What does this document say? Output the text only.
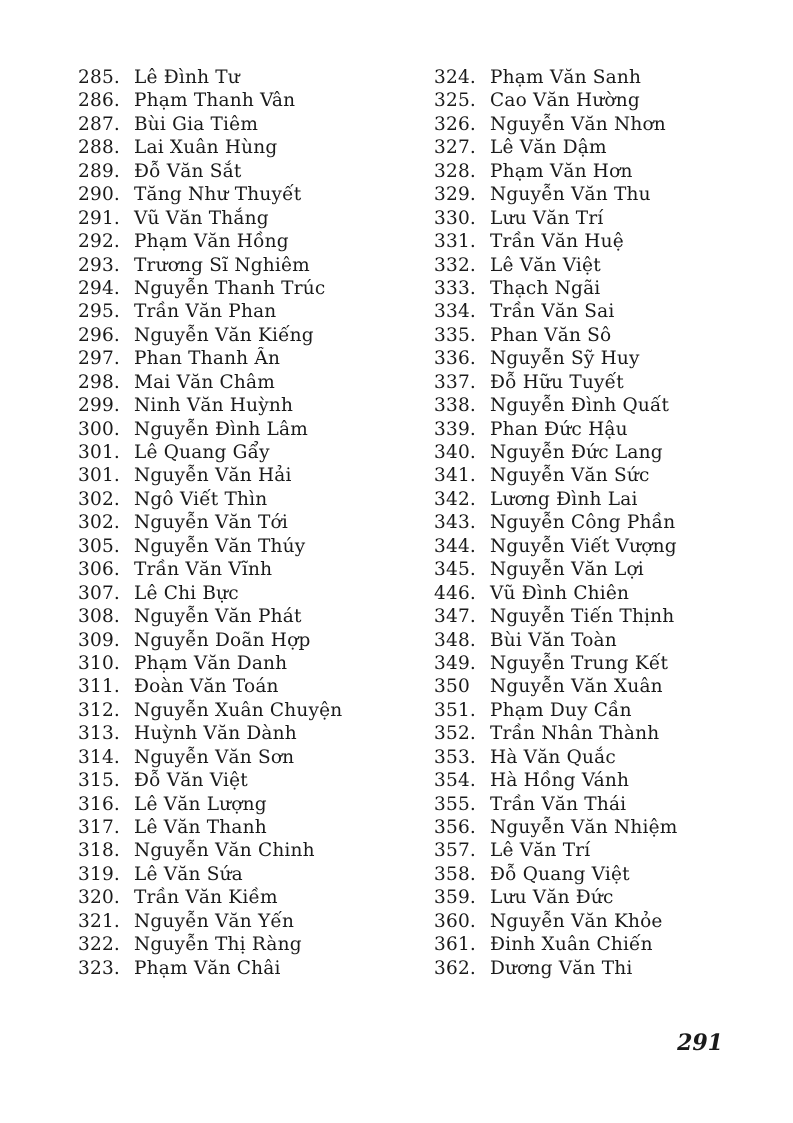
285. Lê Đình Tư
286. Phạm Thanh Vân
287. Bùi Gia Tiêm
288. Lai Xuân Hùng
289. Đỗ Văn Sắt
290. Tăng Như Thuyết
291. Vũ Văn Thắng
292. Phạm Văn Hồng
293. Trương Sĩ Nghiêm
294. Nguyễn Thanh Trúc
295. Trần Văn Phan
296. Nguyễn Văn Kiếng
297. Phan Thanh Ấn
298. Mai Văn Châm
299. Ninh Văn Huỳnh
300. Nguyễn Đình Lâm
301. Lê Quang Gẩy
301. Nguyễn Văn Hải
302. Ngô Viết Thìn
302. Nguyễn Văn Tới
305. Nguyễn Văn Thúy
306. Trần Văn Vĩnh
307. Lê Chi Bực
308. Nguyễn Văn Phát
309. Nguyễn Doãn Hợp
310. Phạm Văn Danh
311. Đoàn Văn Toán
312. Nguyễn Xuân Chuyện
313. Huỳnh Văn Dành
314. Nguyễn Văn Sơn
315. Đỗ Văn Việt
316. Lê Văn Lượng
317. Lê Văn Thanh
318. Nguyễn Văn Chinh
319. Lê Văn Sứa
320. Trần Văn Kiềm
321. Nguyễn Văn Yến
322. Nguyễn Thị Ràng
323. Phạm Văn Châi
324. Phạm Văn Sanh
325. Cao Văn Hường
326. Nguyễn Văn Nhơn
327. Lê Văn Dậm
328. Phạm Văn Hơn
329. Nguyễn Văn Thu
330. Lưu Văn Trí
331. Trần Văn Huệ
332. Lê Văn Việt
333. Thạch Ngãi
334. Trần Văn Sai
335. Phan Văn Sô
336. Nguyễn Sỹ Huy
337. Đỗ Hữu Tuyết
338. Nguyễn Đình Quất
339. Phan Đức Hậu
340. Nguyễn Đức Lang
341. Nguyễn Văn Sức
342. Lương Đình Lai
343. Nguyễn Công Phần
344. Nguyễn Viết Vượng
345. Nguyễn Văn Lợi
446. Vũ Đình Chiên
347. Nguyễn Tiến Thịnh
348. Bùi Văn Toàn
349. Nguyễn Trung Kết
350 Nguyễn Văn Xuân
351. Phạm Duy Cần
352. Trần Nhân Thành
353. Hà Văn Quắc
354. Hà Hồng Vánh
355. Trần Văn Thái
356. Nguyễn Văn Nhiệm
357. Lê Văn Trí
358. Đỗ Quang Việt
359. Lưu Văn Đức
360. Nguyễn Văn Khỏe
361. Đinh Xuân Chiến
362. Dương Văn Thi
291
